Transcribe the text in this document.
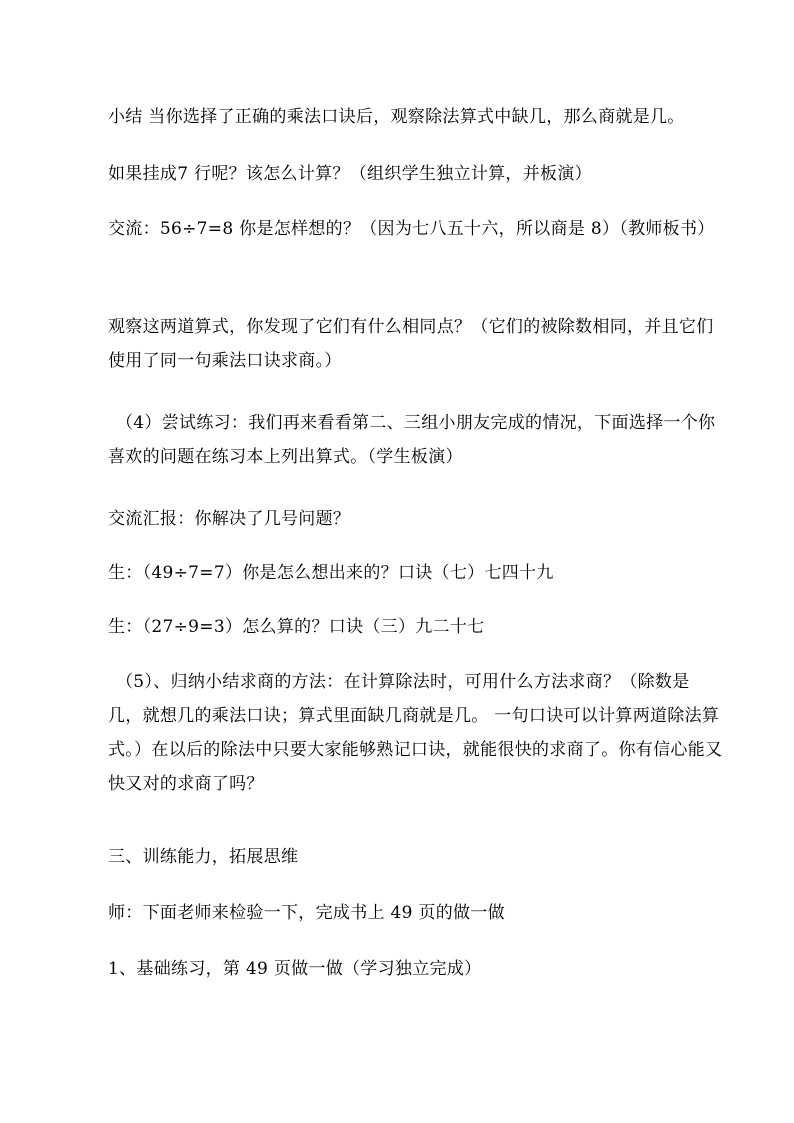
小结 当你选择了正确的乘法口诀后，观察除法算式中缺几，那么商就是几。

如果挂成7 行呢？该怎么计算？（组织学生独立计算，并板演）

交流：56÷7=8 你是怎样想的？（因为七八五十六，所以商是 8）（教师板书）

观察这两道算式，你发现了它们有什么相同点？（它们的被除数相同，并且它们使用了同一句乘法口诀求商。）

（4）尝试练习：我们再来看看第二、三组小朋友完成的情况，下面选择一个你喜欢的问题在练习本上列出算式。（学生板演）

交流汇报：你解决了几号问题？

生：（49÷7=7）你是怎么想出来的？口诀（七）七四十九

生：（27÷9=3）怎么算的？口诀（三）九二十七

（5）、归纳小结求商的方法：在计算除法时，可用什么方法求商？（除数是几，就想几的乘法口诀；算式里面缺几商就是几。 一句口诀可以计算两道除法算式。）在以后的除法中只要大家能够熟记口诀，就能很快的求商了。你有信心能又快又对的求商了吗？

三、训练能力，拓展思维

师：下面老师来检验一下，完成书上 49 页的做一做

1、基础练习，第 49 页做一做（学习独立完成）
